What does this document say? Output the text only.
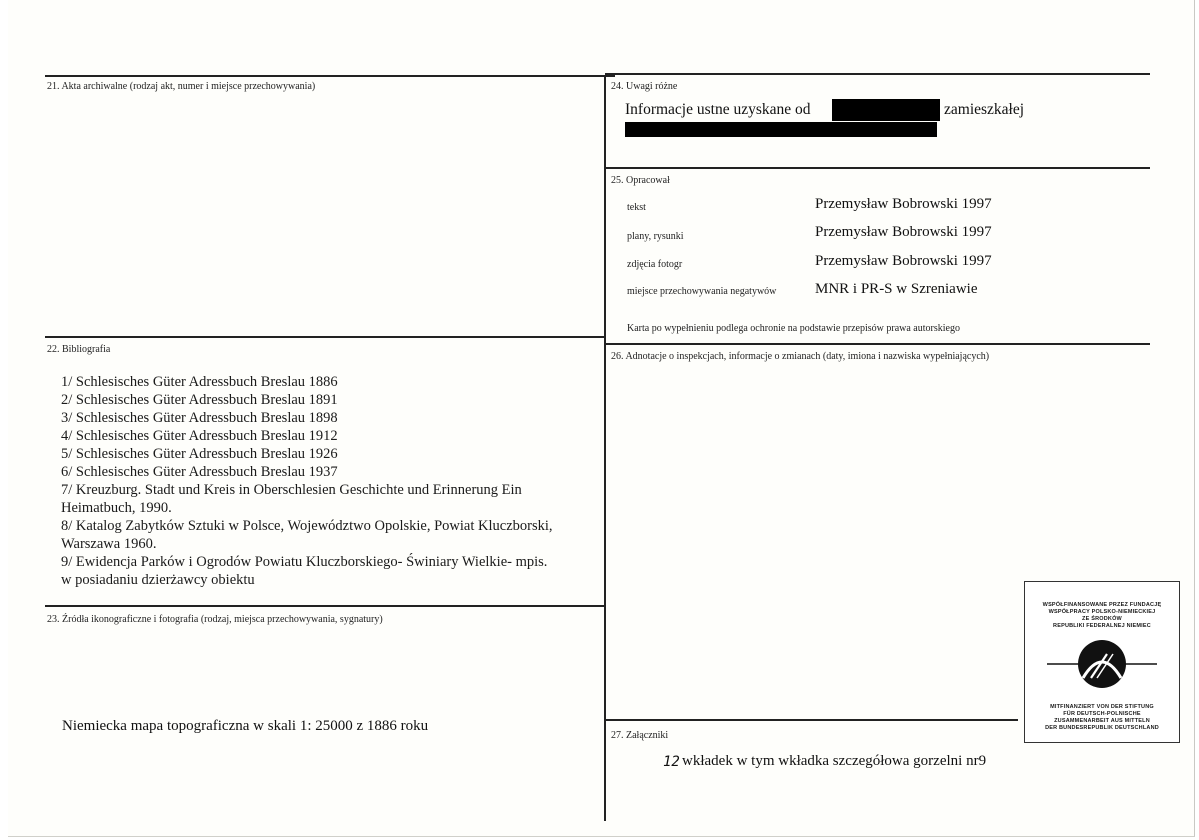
21. Akta archiwalne (rodzaj akt, numer i miejsce przechowywania)	24. Uwagi różne
Informacje ustne uzyskane od	zamieszkałej
25. Opracował
tekst	Przemysław Bobrowski 1997
plany, rysunki	Przemysław Bobrowski 1997
zdjęcia fotogr	Przemysław Bobrowski 1997
miejsce przechowywania negatywów	MNR i PR-S w Szreniawie
Karta po wypełnieniu podlega ochronie na podstawie przepisów prawa autorskiego
22. Bibliografia
1/ Schlesisches Güter Adressbuch Breslau 1886
2/ Schlesisches Güter Adressbuch Breslau 1891
3/ Schlesisches Güter Adressbuch Breslau 1898
4/ Schlesisches Güter Adressbuch Breslau 1912
5/ Schlesisches Güter Adressbuch Breslau 1926
6/ Schlesisches Güter Adressbuch Breslau 1937
7/ Kreuzburg. Stadt und Kreis in Oberschlesien Geschichte und Erinnerung Ein
Heimatbuch, 1990.
8/ Katalog Zabytków Sztuki w Polsce, Województwo Opolskie, Powiat Kluczborski,
Warszawa 1960.
9/ Ewidencja Parków i Ogrodów Powiatu Kluczborskiego- Świniary Wielkie- mpis.
w posiadaniu dzierżawcy obiektu
26. Adnotacje o inspekcjach, informacje o zmianach (daty, imiona i nazwiska wypełniających)
23. Źródła ikonograficzne i fotografia (rodzaj, miejsca przechowywania, sygnatury)
Niemiecka mapa topograficzna w skali 1: 25000 z 1886 roku
27. Załączniki
12 wkładek w tym wkładka szczegółowa gorzelni nr9
WSPÓŁFINANSOWANE PRZEZ FUNDACJĘ
WSPÓŁPRACY POLSKO-NIEMIECKIEJ
ZE ŚRODKÓW
REPUBLIKI FEDERALNEJ NIEMIEC
MITFINANZIERT VON DER STIFTUNG
FÜR DEUTSCH-POLNISCHE
ZUSAMMENARBEIT AUS MITTELN
DER BUNDESREPUBLIK DEUTSCHLAND
